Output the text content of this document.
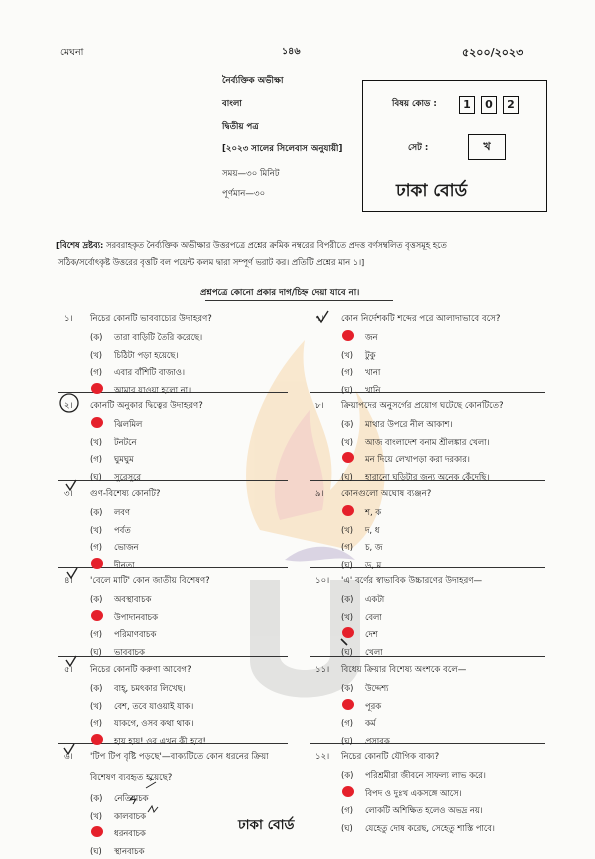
মেঘনা	১৪৬	৫২০০/২০২৩
নৈর্ব্যক্তিক অভীক্ষা
বাংলা
দ্বিতীয় পত্র
[২০২৩ সালের সিলেবাস অনুযায়ী]
সময়—৩০ মিনিট
পূর্ণমান—৩০
বিষয় কোড :	1	0	2
সেট :	খ
ঢাকা বোর্ড
[বিশেষ দ্রষ্টব্য: সরবরাহকৃত নৈর্ব্যক্তিক অভীক্ষার উত্তরপত্রে প্রশ্নের ক্রমিক নম্বরের বিপরীতে প্রদত্ত বর্ণসম্বলিত বৃত্তসমূহ হতে
সঠিক/সর্বোৎকৃষ্ট উত্তরের বৃত্তটি বল পয়েন্ট কলম দ্বারা সম্পূর্ণ ভরাট কর। প্রতিটি প্রশ্নের মান ১।]
প্রশ্নপত্রে কোনো প্রকার দাগ/চিহ্ন দেয়া যাবে না।
১। নিচের কোনটি ভাববাচ্যের উদাহরণ?
(ক) তারা বাড়িটি তৈরি করেছে।
(খ) চিঠিটা পড়া হয়েছে।
(গ) এবার বাঁশিটি বাজাও।
আমার যাওয়া হলো না।
২। কোনটি অনুকার দ্বিত্বের উদাহরণ?
ঝিলমিল
(খ) টনটনে
(গ) ঘুমঘুম
(ঘ) সুরেসুরে
৩। গুণ-বিশেষ্য কোনটি?
(ক) লবণ
(খ) পর্বত
(গ) ভোজন
দীনতা
৪। 'বেলে মাটি' কোন জাতীয় বিশেষণ?
(ক) অবস্থাবাচক
উপাদানবাচক
(গ) পরিমাণবাচক
(ঘ) ভাববাচক
৫। নিচের কোনটি করুণা আবেগ?
(ক) বাহ্, চমৎকার লিখেছ।
(খ) বেশ, তবে যাওয়াই যাক।
(গ) যাকগে, ওসব কথা থাক।
হায় হায়! ওর এখন কী হবে!
৬। 'টিপ টিপ বৃষ্টি পড়ছে'—বাক্যটিতে কোন ধরনের ক্রিয়া
বিশেষণ ব্যবহৃত হয়েছে?
(ক) নেতিবাচক
(খ) কালবাচক
ধরনবাচক
(ঘ) স্থানবাচক
৭। কোন নির্দেশকটি শব্দের পরে আলাদাভাবে বসে?
জন
(খ) টুকু
(গ) খানা
(ঘ) খানি
৮। ক্রিয়াপদের অনুসর্গের প্রয়োগ ঘটেছে কোনটিতে?
(ক) মাথার উপরে নীল আকাশ।
(খ) আজ বাংলাদেশ বনাম শ্রীলঙ্কার খেলা।
মন দিয়ে লেখাপড়া করা দরকার।
(ঘ) হারানো ঘড়িটার জন্য অনেক কেঁদেছি।
৯। কোনগুলো অঘোষ ব্যঞ্জন?
শ, ক
(খ) দ, ধ
(গ) চ, জ
(ঘ) ড, ম
১০। 'এ' বর্ণের স্বাভাবিক উচ্চারণের উদাহরণ—
(ক) একটা
(খ) বেলা
দেশ
(ঘ) খেলা
১১। বিধেয় ক্রিয়ার বিশেষ্য অংশকে বলে—
(ক) উদ্দেশ্য
পূরক
(গ) কর্ম
(ঘ) প্রসারক
১২। নিচের কোনটি যৌগিক বাক্য?
(ক) পরিশ্রমীরা জীবনে সাফল্য লাভ করে।
বিপদ ও দুঃখ একসঙ্গে আসে।
(গ) লোকটি অশিক্ষিত হলেও অভদ্র নয়।
(ঘ) যেহেতু দোষ করেছ, সেহেতু শাস্তি পাবে।
ঢাকা বোর্ড
